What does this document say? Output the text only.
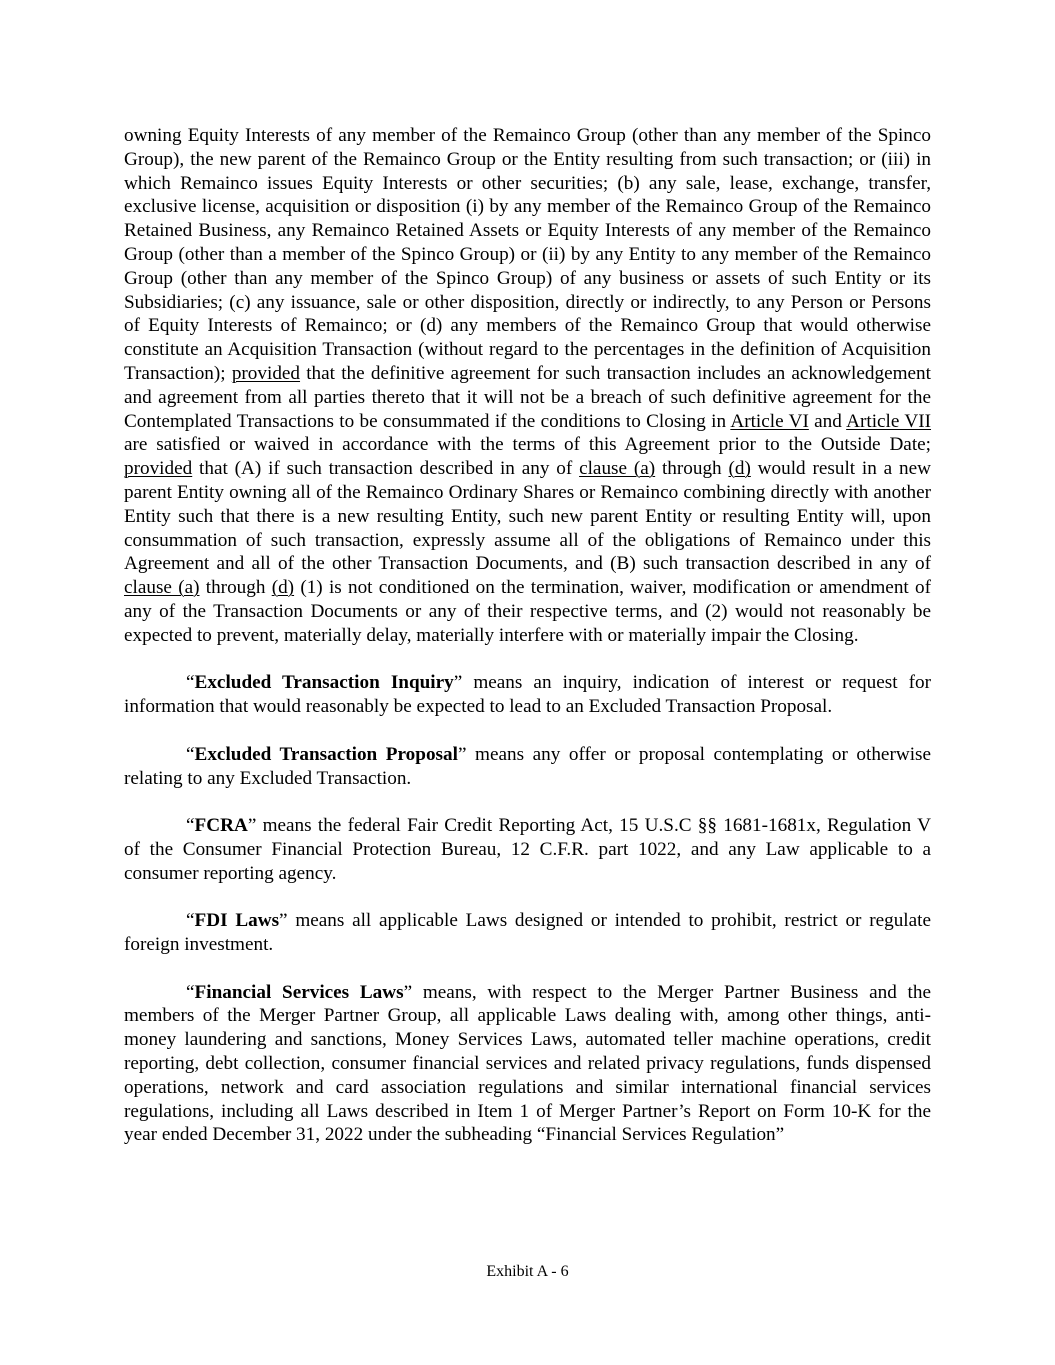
owning Equity Interests of any member of the Remainco Group (other than any member of the Spinco Group), the new parent of the Remainco Group or the Entity resulting from such transaction; or (iii) in which Remainco issues Equity Interests or other securities; (b) any sale, lease, exchange, transfer, exclusive license, acquisition or disposition (i) by any member of the Remainco Group of the Remainco Retained Business, any Remainco Retained Assets or Equity Interests of any member of the Remainco Group (other than a member of the Spinco Group) or (ii) by any Entity to any member of the Remainco Group (other than any member of the Spinco Group) of any business or assets of such Entity or its Subsidiaries; (c) any issuance, sale or other disposition, directly or indirectly, to any Person or Persons of Equity Interests of Remainco; or (d) any members of the Remainco Group that would otherwise constitute an Acquisition Transaction (without regard to the percentages in the definition of Acquisition Transaction); provided that the definitive agreement for such transaction includes an acknowledgement and agreement from all parties thereto that it will not be a breach of such definitive agreement for the Contemplated Transactions to be consummated if the conditions to Closing in Article VI and Article VII are satisfied or waived in accordance with the terms of this Agreement prior to the Outside Date; provided that (A) if such transaction described in any of clause (a) through (d) would result in a new parent Entity owning all of the Remainco Ordinary Shares or Remainco combining directly with another Entity such that there is a new resulting Entity, such new parent Entity or resulting Entity will, upon consummation of such transaction, expressly assume all of the obligations of Remainco under this Agreement and all of the other Transaction Documents, and (B) such transaction described in any of clause (a) through (d) (1) is not conditioned on the termination, waiver, modification or amendment of any of the Transaction Documents or any of their respective terms, and (2) would not reasonably be expected to prevent, materially delay, materially interfere with or materially impair the Closing.

“Excluded Transaction Inquiry” means an inquiry, indication of interest or request for information that would reasonably be expected to lead to an Excluded Transaction Proposal.

“Excluded Transaction Proposal” means any offer or proposal contemplating or otherwise relating to any Excluded Transaction.

“FCRA” means the federal Fair Credit Reporting Act, 15 U.S.C §§ 1681-1681x, Regulation V of the Consumer Financial Protection Bureau, 12 C.F.R. part 1022, and any Law applicable to a consumer reporting agency.

“FDI Laws” means all applicable Laws designed or intended to prohibit, restrict or regulate foreign investment.

“Financial Services Laws” means, with respect to the Merger Partner Business and the members of the Merger Partner Group, all applicable Laws dealing with, among other things, anti-money laundering and sanctions, Money Services Laws, automated teller machine operations, credit reporting, debt collection, consumer financial services and related privacy regulations, funds dispensed operations, network and card association regulations and similar international financial services regulations, including all Laws described in Item 1 of Merger Partner’s Report on Form 10-K for the year ended December 31, 2022 under the subheading “Financial Services Regulation”

Exhibit A - 6
